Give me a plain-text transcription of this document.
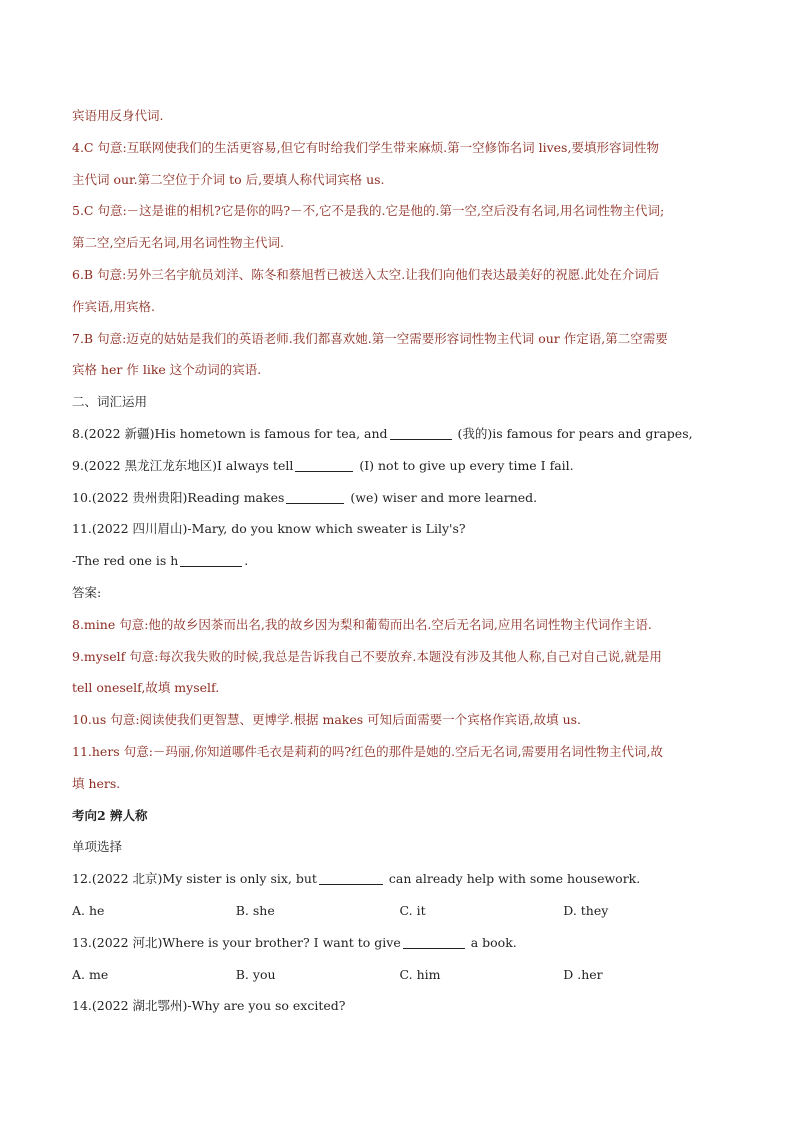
宾语用反身代词.
4.C 句意:互联网使我们的生活更容易,但它有时给我们学生带来麻烦.第一空修饰名词 lives,要填形容词性物
主代词 our.第二空位于介词 to 后,要填人称代词宾格 us.
5.C 句意:－这是谁的相机?它是你的吗?－不,它不是我的.它是他的.第一空,空后没有名词,用名词性物主代词;
第二空,空后无名词,用名词性物主代词.
6.B 句意:另外三名宇航员刘洋、陈冬和蔡旭哲已被送入太空.让我们向他们表达最美好的祝愿.此处在介词后
作宾语,用宾格.
7.B 句意:迈克的姑姑是我们的英语老师.我们都喜欢她.第一空需要形容词性物主代词 our 作定语,第二空需要
宾格 her 作 like 这个动词的宾语.
二、词汇运用
8.(2022 新疆)His hometown is famous for tea, and	(我的)is famous for pears and grapes,
9.(2022 黑龙江龙东地区)I always tell	(I) not to give up every time I fail.
10.(2022 贵州贵阳)Reading makes	(we) wiser and more learned.
11.(2022 四川眉山)-Mary, do you know which sweater is Lily's?
-The red one is h	.
答案:
8.mine 句意:他的故乡因茶而出名,我的故乡因为梨和葡萄而出名.空后无名词,应用名词性物主代词作主语.
9.myself 句意:每次我失败的时候,我总是告诉我自己不要放弃.本题没有涉及其他人称,自己对自己说,就是用
tell oneself,故填 myself.
10.us 句意:阅读使我们更智慧、更博学.根据 makes 可知后面需要一个宾格作宾语,故填 us.
11.hers 句意:－玛丽,你知道哪件毛衣是莉莉的吗?红色的那件是她的.空后无名词,需要用名词性物主代词,故
填 hers.
考向2 辨人称
单项选择
12.(2022 北京)My sister is only six, but	can already help with some housework.
A. he	B. she	C. it	D. they
13.(2022 河北)Where is your brother? I want to give	a book.
A. me	B. you	C. him	D .her
14.(2022 湖北鄂州)-Why are you so excited?
